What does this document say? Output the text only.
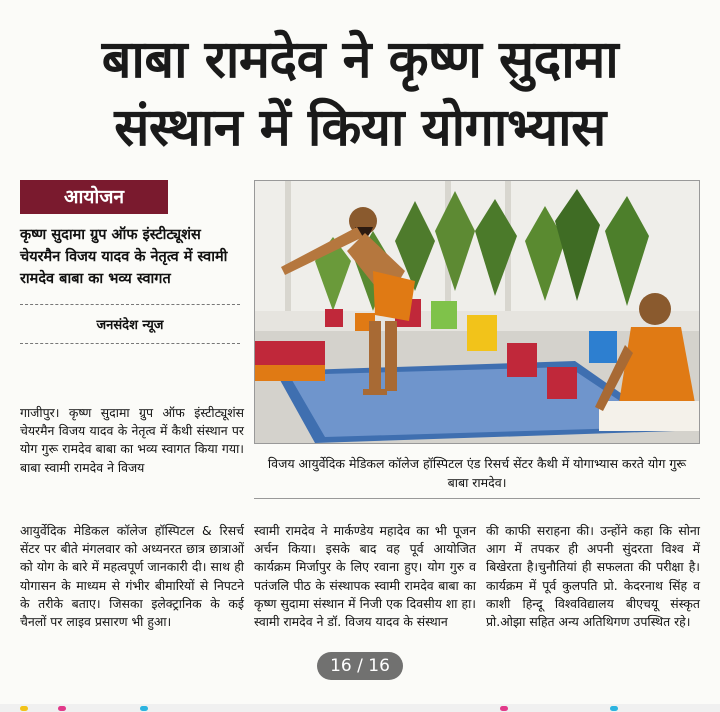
बाबा रामदेव ने कृष्ण सुदामा
संस्थान में किया योगाभ्यास
आयोजन
कृष्ण सुदामा ग्रुप ऑफ इंस्टीट्यूशंस चेयरमैन विजय यादव के नेतृत्व में स्वामी रामदेव बाबा का भव्य स्वागत
जनसंदेश न्यूज
विजय आयुर्वेदिक मेडिकल कॉलेज हॉस्पिटल एंड रिसर्च सेंटर कैथी में योगाभ्यास करते योग गुरू बाबा रामदेव।
गाजीपुर। कृष्ण सुदामा ग्रुप ऑफ इंस्टीट्यूशंस चेयरमैन विजय यादव के नेतृत्व में कैथी संस्थान पर योग गुरू रामदेव बाबा का भव्य स्वागत किया गया। बाबा स्वामी रामदेव ने विजय
आयुर्वेदिक मेडिकल कॉलेज हॉस्पिटल & रिसर्च सेंटर पर बीते मंगलवार को अध्यनरत छात्र छात्राओं को योग के बारे में महत्वपूर्ण जानकारी दी। साथ ही योगासन के माध्यम से गंभीर बीमारियों से निपटने के तरीके बताए। जिसका इलेक्ट्रानिक के कई चैनलों पर लाइव प्रसारण भी हुआ।
स्वामी रामदेव ने मार्कण्डेय महादेव का भी पूजन अर्चन किया। इसके बाद वह पूर्व आयोजित कार्यक्रम मिर्जापुर के लिए रवाना हुए। योग गुरु व पतंजलि पीठ के संस्थापक स्वामी रामदेव बाबा का कृष्ण सुदामा संस्थान में निजी एक दिवसीय शा हा। स्वामी रामदेव ने डॉ. विजय यादव के संस्थान
की काफी सराहना की। उन्होंने कहा कि सोना आग में तपकर ही अपनी सुंदरता विश्व में बिखेरता है।चुनौतियां ही सफलता की परीक्षा है। कार्यक्रम में पूर्व कुलपति प्रो. केदरनाथ सिंह व काशी हिन्दू विश्वविद्यालय बीएचयू संस्कृत प्रो.ओझा सहित अन्य अतिथिगण उपस्थित रहे।
16 / 16
